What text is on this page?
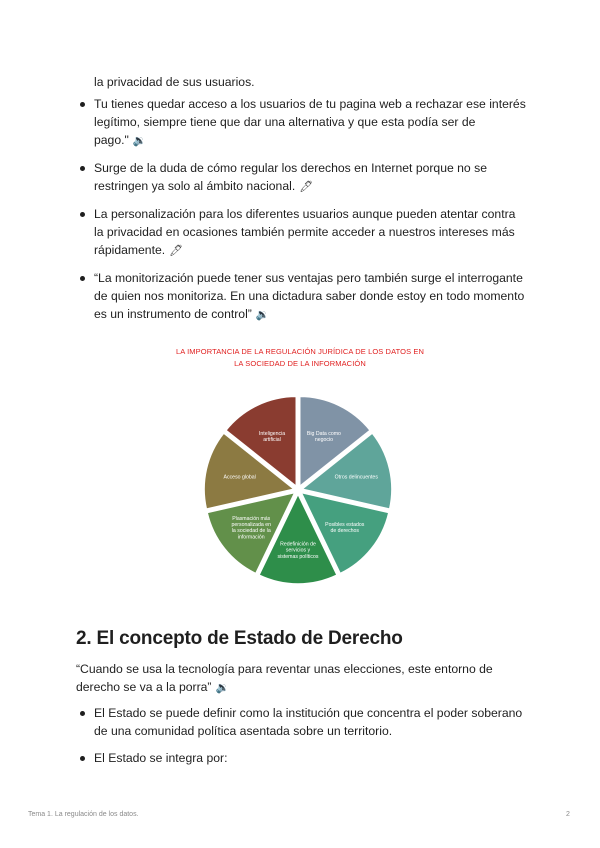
la privacidad de sus usuarios.
Tu tienes quedar acceso a los usuarios de tu pagina web a rechazar ese interés legítimo, siempre tiene que dar una alternativa y que esta podía ser de pago." 🔉
Surge de la duda de cómo regular los derechos en Internet porque no se restringen ya solo al ámbito nacional. 🖊
La personalización para los diferentes usuarios aunque pueden atentar contra la privacidad en ocasiones también permite acceder a nuestros intereses más rápidamente. 🖊
“La monitorización puede tener sus ventajas pero también surge el interrogante de quien nos monitoriza. En una dictadura saber donde estoy en todo momento es un instrumento de control” 🔉
LA IMPORTANCIA DE LA REGULACIÓN JURÍDICA DE LOS DATOS EN
LA SOCIEDAD DE LA INFORMACIÓN
Big Data como negocio
Otros delincuentes
Posibles estados de derechos
Redefinición de servicios y sistemas políticos
Plasmación más personalizada en la sociedad de la información
Acceso global
Inteligencia artificial
2. El concepto de Estado de Derecho
“Cuando se usa la tecnología para reventar unas elecciones, este entorno de derecho se va a la porra” 🔉
El Estado se puede definir como la institución que concentra el poder soberano de una comunidad política asentada sobre un territorio.
El Estado se integra por:
Tema 1. La regulación de los datos.	2
